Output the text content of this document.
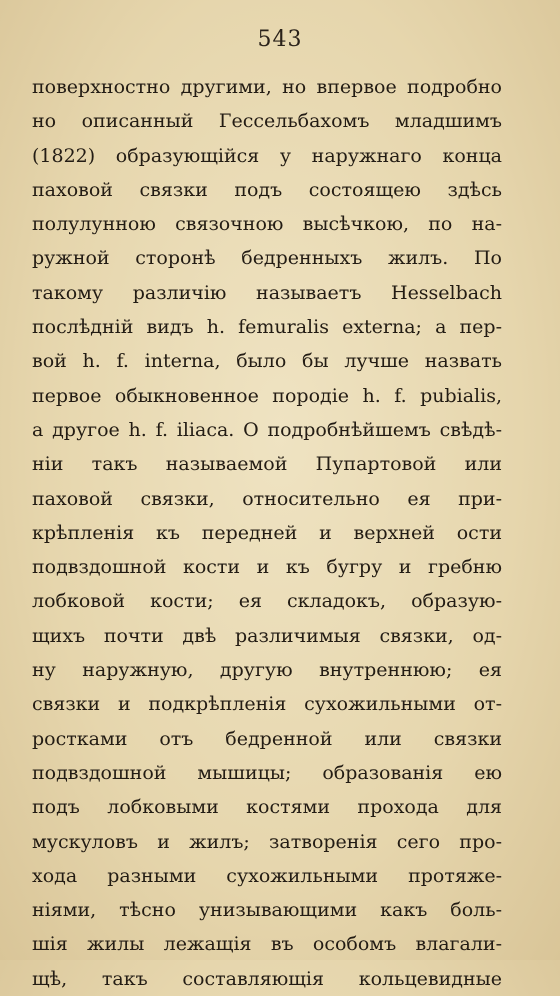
543
поверхностно другими, но впервое подробно
но описанный Гессельбахомъ младшимъ
(1822) образующійся у наружнаго конца
паховой связки подъ состоящею здѣсь
полулунною связочною высѣчкою, по на-
ружной сторонѣ бедренныхъ жилъ. По
такому различію называетъ Hesselbach
послѣдній видъ h. femuralis externa; а пер-
вой h. f. interna, было бы лучше назвать
первое обыкновенное породіе h. f. pubialis,
а другое h. f. iliaca. О подробнѣйшемъ свѣдѣ-
ніи такъ называемой Пупартовой или
паховой связки, относительно ея при-
крѣпленія къ передней и верхней ости
подвздошной кости и къ бугру и гребню
лобковой кости; ея складокъ, образую-
щихъ почти двѣ различимыя связки, од-
ну наружную, другую внутреннюю; ея
связки и подкрѣпленія сухожильными от-
ростками отъ бедренной или связки
подвздошной мышицы; образованія ею
подъ лобковыми костями прохода для
мускуловъ и жилъ; затворенія сего про-
хода разными сухожильными протяже-
ніями, тѣсно унизывающими какъ боль-
шія жилы лежащія въ особомъ влагали-
щѣ, такъ составляющія кольцевидные
